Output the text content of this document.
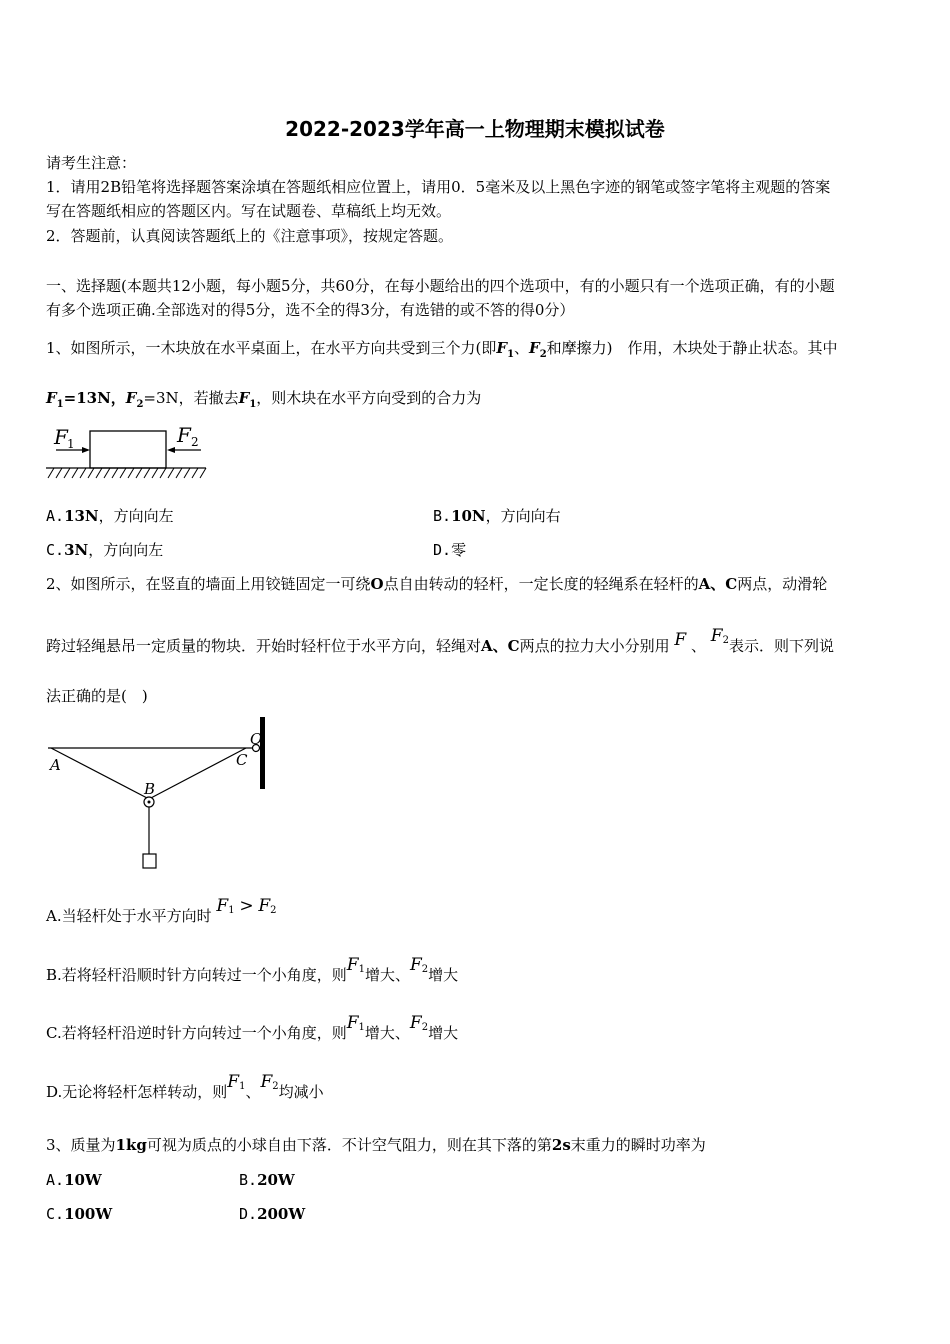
2022-2023学年高一上物理期末模拟试卷
请考生注意：
1．请用2B铅笔将选择题答案涂填在答题纸相应位置上，请用0．5毫米及以上黑色字迹的钢笔或签字笔将主观题的答案
写在答题纸相应的答题区内。写在试题卷、草稿纸上均无效。
2．答题前，认真阅读答题纸上的《注意事项》，按规定答题。
一、选择题(本题共12小题，每小题5分，共60分，在每小题给出的四个选项中，有的小题只有一个选项正确，有的小题
有多个选项正确.全部选对的得5分，选不全的得3分，有选错的或不答的得0分）
1、如图所示，一木块放在水平桌面上，在水平方向共受到三个力(即$F_1$、$F_2$和摩擦力)　作用，木块处于静止状态。其中
$F_1=13N$，$F_2=3N$，若撤去$F_1$，则木块在水平方向受到的合力为
F 1	F 2
A.13N，方向向左	B.10N，方向向右
C.3N，方向向左	D.零
2、如图所示，在竖直的墙面上用铰链固定一可绕O点自由转动的轻杆，一定长度的轻绳系在轻杆的A、C两点，动滑轮
跨过轻绳悬吊一定质量的物块．开始时轻杆位于水平方向，轻绳对A、C两点的拉力大小分别用 F 、 $F_2$表示．则下列说
法正确的是(　)
O
A
B
C
A.当轻杆处于水平方向时 $F_1 > F_2$
B.若将轻杆沿顺时针方向转过一个小角度，则$F_1$增大、$F_2$增大
C.若将轻杆沿逆时针方向转过一个小角度，则$F_1$增大、$F_2$增大
D.无论将轻杆怎样转动，则$F_1$、$F_2$均减小
3、质量为1kg可视为质点的小球自由下落．不计空气阻力，则在其下落的第2s末重力的瞬时功率为
A.10W	B.20W
C.100W	D.200W
